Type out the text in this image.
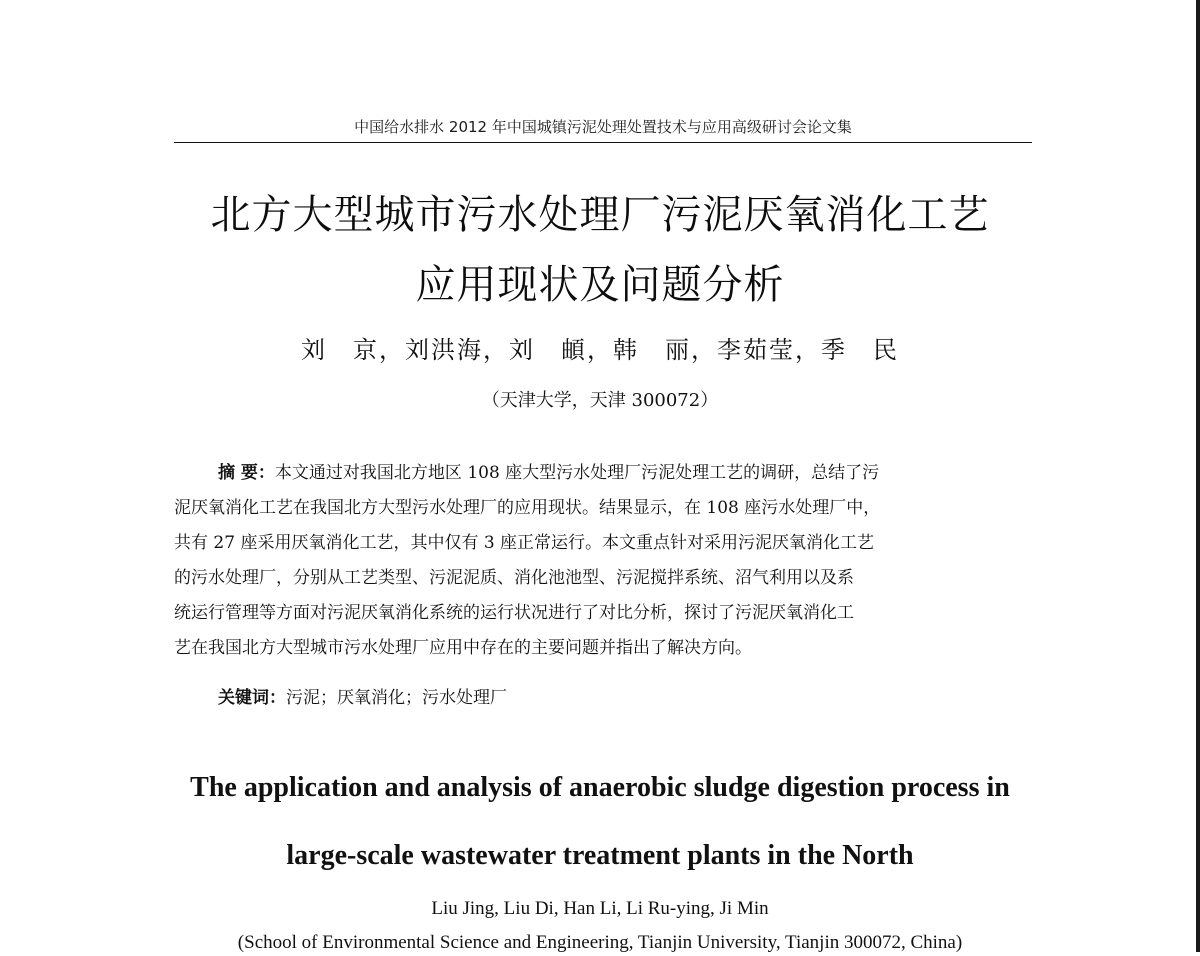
中国给水排水 2012 年中国城镇污泥处理处置技术与应用高级研讨会论文集
北方大型城市污水处理厂污泥厌氧消化工艺
应用现状及问题分析
刘　京，刘洪海，刘　頔，韩　丽，李茹莹，季　民
（天津大学，天津 300072）
摘 要：本文通过对我国北方地区 108 座大型污水处理厂污泥处理工艺的调研，总结了污
泥厌氧消化工艺在我国北方大型污水处理厂的应用现状。结果显示，在 108 座污水处理厂中，
共有 27 座采用厌氧消化工艺，其中仅有 3 座正常运行。本文重点针对采用污泥厌氧消化工艺
的污水处理厂，分别从工艺类型、污泥泥质、消化池池型、污泥搅拌系统、沼气利用以及系
统运行管理等方面对污泥厌氧消化系统的运行状况进行了对比分析，探讨了污泥厌氧消化工
艺在我国北方大型城市污水处理厂应用中存在的主要问题并指出了解决方向。
关键词：污泥；厌氧消化；污水处理厂
The application and analysis of anaerobic sludge digestion process in
large-scale wastewater treatment plants in the North
Liu Jing, Liu Di, Han Li, Li Ru-ying, Ji Min
(School of Environmental Science and Engineering, Tianjin University, Tianjin 300072, China)
